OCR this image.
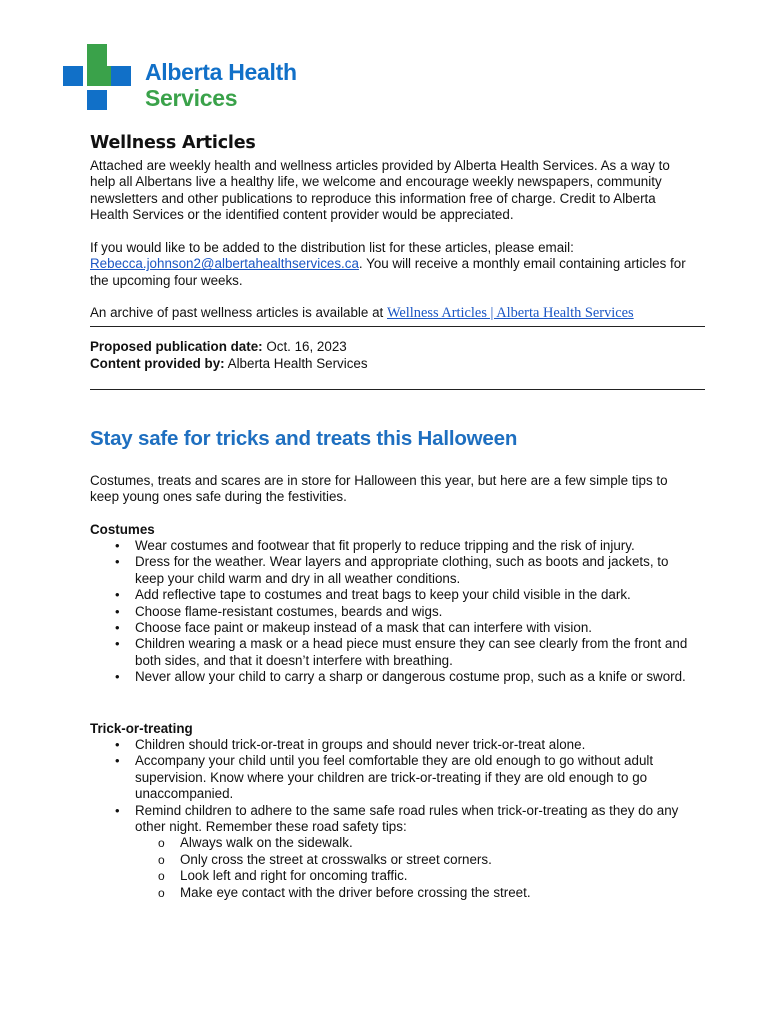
Alberta Health
Services
Wellness Articles

Attached are weekly health and wellness articles provided by Alberta Health Services. As a way to help all Albertans live a healthy life, we welcome and encourage weekly newspapers, community newsletters and other publications to reproduce this information free of charge. Credit to Alberta Health Services or the identified content provider would be appreciated.

If you would like to be added to the distribution list for these articles, please email: Rebecca.johnson2@albertahealthservices.ca. You will receive a monthly email containing articles for the upcoming four weeks.

An archive of past wellness articles is available at Wellness Articles | Alberta Health Services

Proposed publication date: Oct. 16, 2023

Content provided by: Alberta Health Services

Stay safe for tricks and treats this Halloween

Costumes, treats and scares are in store for Halloween this year, but here are a few simple tips to keep young ones safe during the festivities.

Costumes

• Wear costumes and footwear that fit properly to reduce tripping and the risk of injury.
• Dress for the weather. Wear layers and appropriate clothing, such as boots and jackets, to keep your child warm and dry in all weather conditions.
• Add reflective tape to costumes and treat bags to keep your child visible in the dark.
• Choose flame-resistant costumes, beards and wigs.
• Choose face paint or makeup instead of a mask that can interfere with vision.
• Children wearing a mask or a head piece must ensure they can see clearly from the front and both sides, and that it doesn’t interfere with breathing.
• Never allow your child to carry a sharp or dangerous costume prop, such as a knife or sword.

Trick-or-treating

• Children should trick-or-treat in groups and should never trick-or-treat alone.
• Accompany your child until you feel comfortable they are old enough to go without adult supervision. Know where your children are trick-or-treating if they are old enough to go unaccompanied.
• Remind children to adhere to the same safe road rules when trick-or-treating as they do any other night. Remember these road safety tips:
o Always walk on the sidewalk.
o Only cross the street at crosswalks or street corners.
o Look left and right for oncoming traffic.
o Make eye contact with the driver before crossing the street.
